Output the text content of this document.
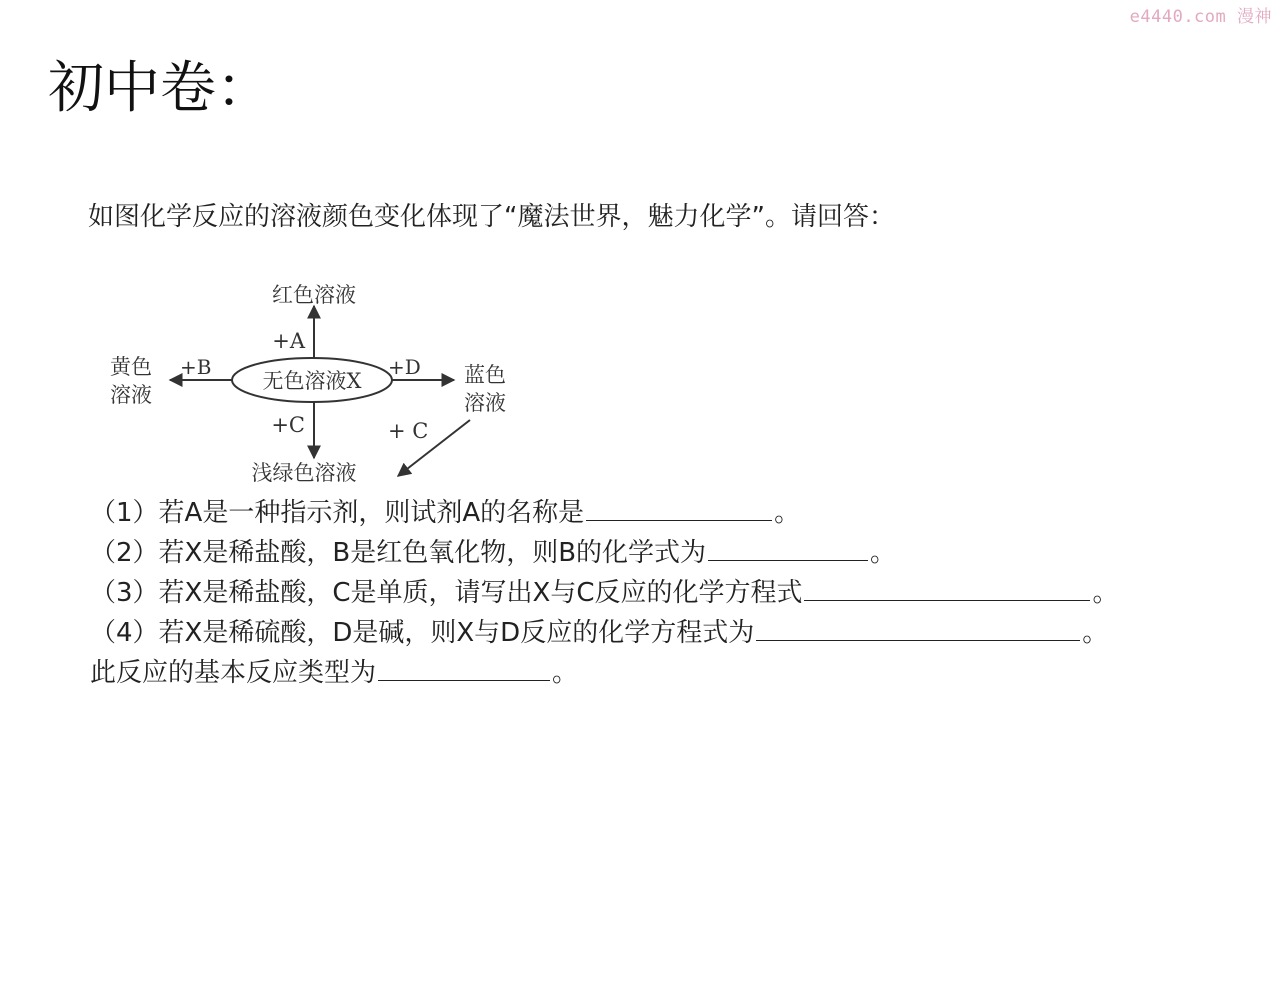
e4440.com 漫神
初中卷：
如图化学反应的溶液颜色变化体现了“魔法世界，魅力化学”。请回答：
无色溶液X
红色溶液
+A
+B
黄色
溶液
+D 蓝色
溶液
+C
浅绿色溶液
+ C
（1）若A是一种指示剂，则试剂A的名称是	。
（2）若X是稀盐酸，B是红色氧化物，则B的化学式为	。
（3）若X是稀盐酸，C是单质，请写出X与C反应的化学方程式	。
（4）若X是稀硫酸，D是碱，则X与D反应的化学方程式为	。
此反应的基本反应类型为	。
